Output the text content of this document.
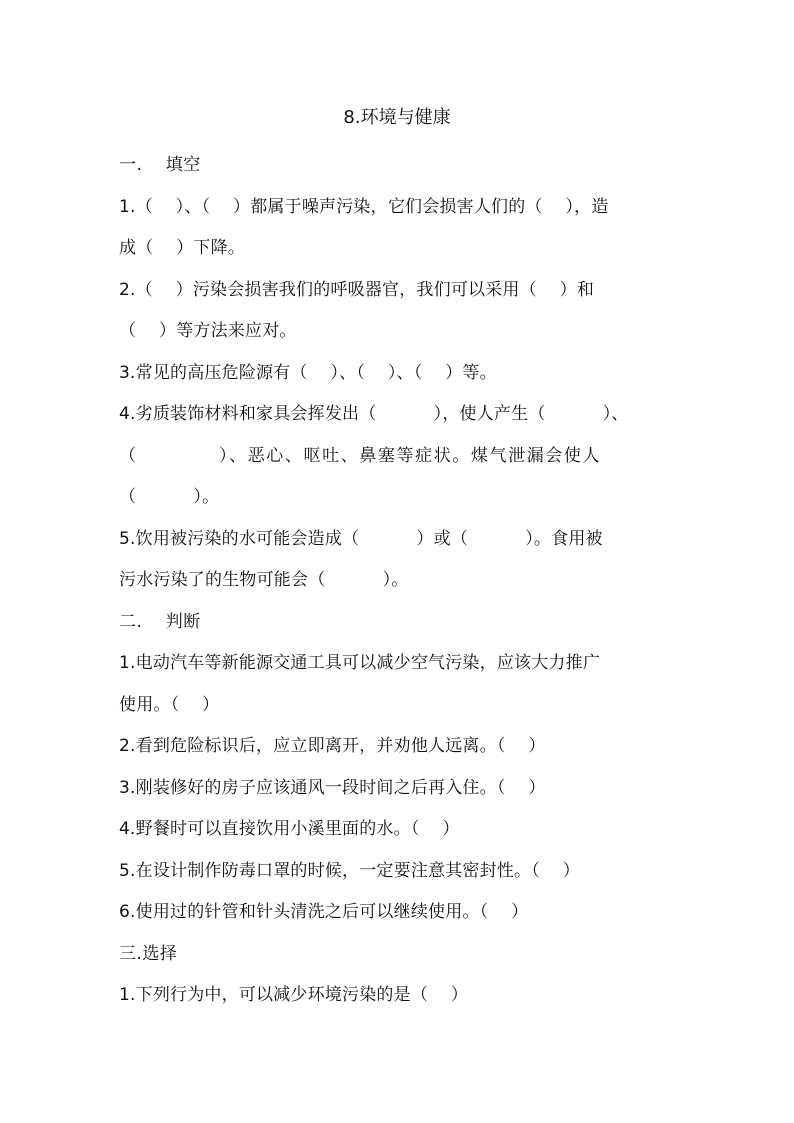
8.环境与健康
一.　 填空
1.（　 ）、（　 ）都属于噪声污染，它们会损害人们的（　 ），造
成（　 ）下降。
2.（　 ）污染会损害我们的呼吸器官，我们可以采用（　 ）和
（　 ）等方法来应对。
3.常见的高压危险源有（　 ）、（　 ）、（　 ）等。
4.劣质装饰材料和家具会挥发出（　　　 ），使人产生（　　　 ）、
（　　　　 ）、恶心、呕吐、鼻塞等症状。煤气泄漏会使人
（　　　 ）。
5.饮用被污染的水可能会造成（　　　 ）或（　　　 ）。食用被
污水污染了的生物可能会（　　　 ）。
二.　 判断
1.电动汽车等新能源交通工具可以减少空气污染，应该大力推广
使用。（　 ）
2.看到危险标识后，应立即离开，并劝他人远离。（　 ）
3.刚装修好的房子应该通风一段时间之后再入住。（　 ）
4.野餐时可以直接饮用小溪里面的水。（　 ）
5.在设计制作防毒口罩的时候，一定要注意其密封性。（　 ）
6.使用过的针管和针头清洗之后可以继续使用。（　 ）
三.选择
1.下列行为中，可以减少环境污染的是（　 ）
